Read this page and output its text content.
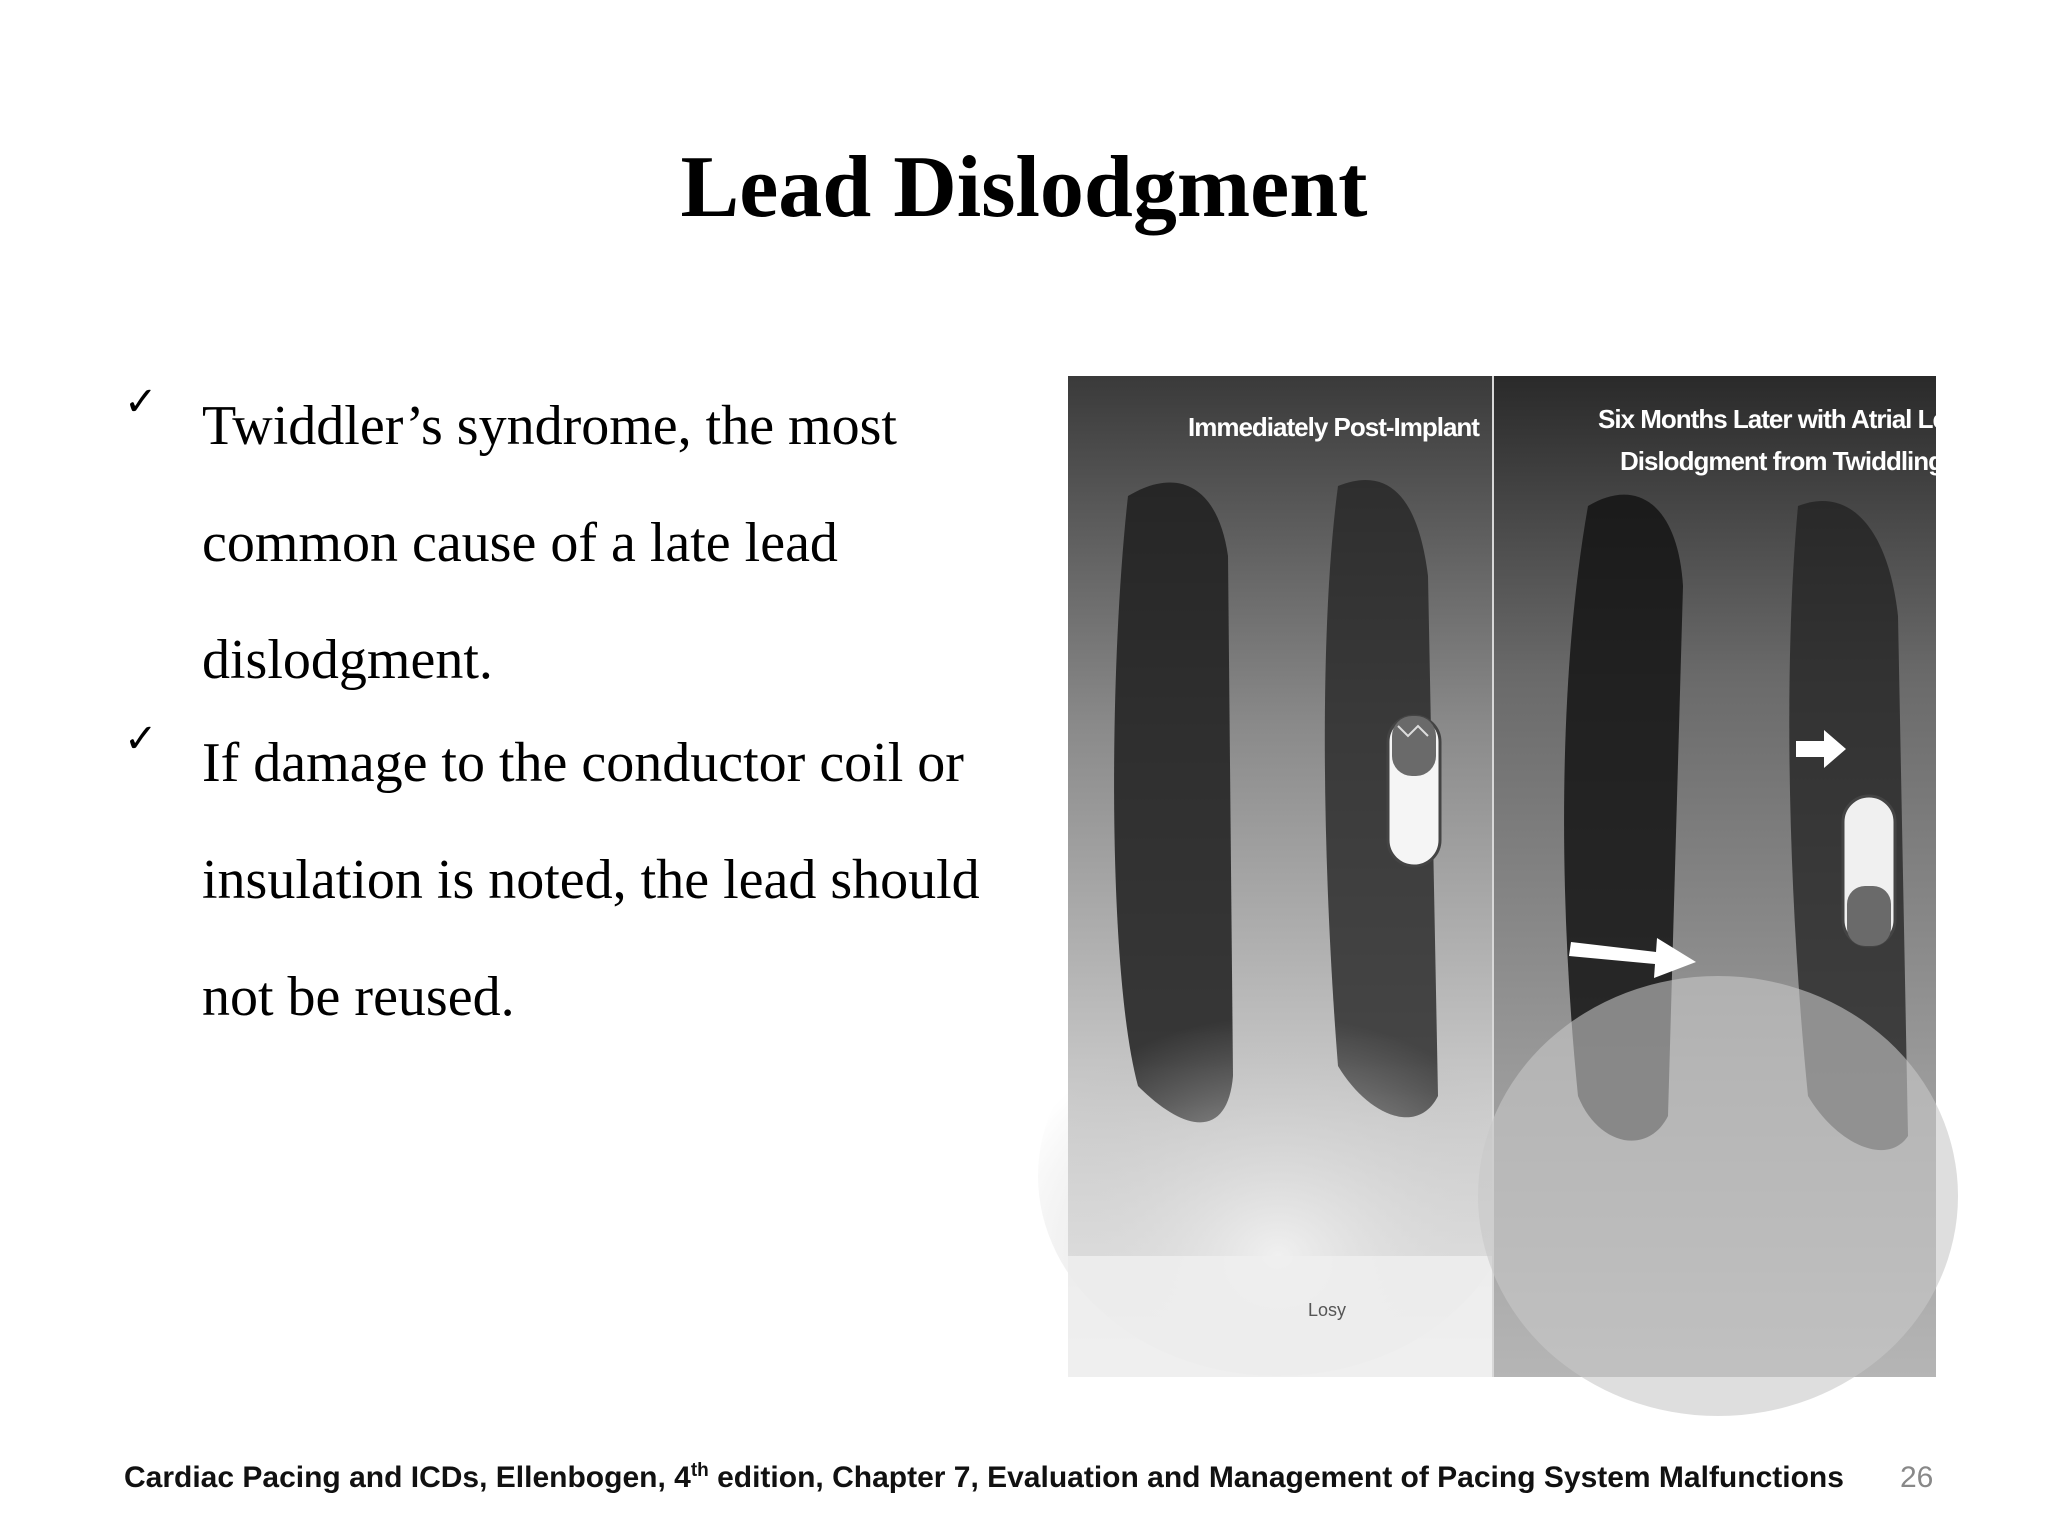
Lead Dislodgment
✓ Twiddler’s syndrome, the most common cause of a late lead dislodgment.
✓ If damage to the conductor coil or insulation is noted, the lead should not be reused.
Immediately Post-Implant
Losy
Six Months Later with Atrial Lead
Dislodgment from Twiddling
Cardiac Pacing and ICDs, Ellenbogen, 4th edition, Chapter 7, Evaluation and Management of Pacing System Malfunctions 26
